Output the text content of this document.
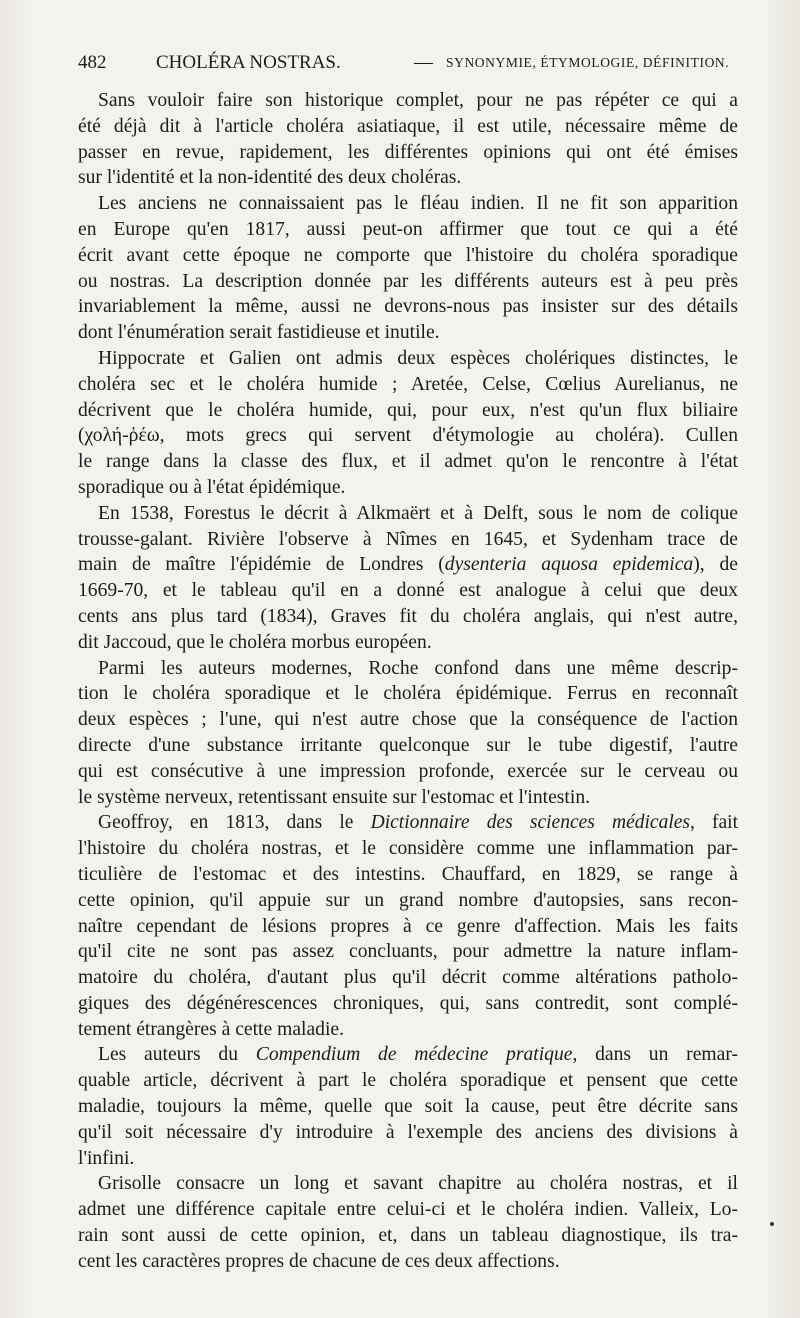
482	CHOLÉRA NOSTRAS.	— SYNONYMIE, ÉTYMOLOGIE, DÉFINITION.

Sans vouloir faire son historique complet, pour ne pas répéter ce qui a
été déjà dit à l'article choléra asiatiaque, il est utile, nécessaire même de
passer en revue, rapidement, les différentes opinions qui ont été émises
sur l'identité et la non-identité des deux choléras.

Les anciens ne connaissaient pas le fléau indien. Il ne fit son apparition
en Europe qu'en 1817, aussi peut-on affirmer que tout ce qui a été
écrit avant cette époque ne comporte que l'histoire du choléra sporadique
ou nostras. La description donnée par les différents auteurs est à peu près
invariablement la même, aussi ne devrons-nous pas insister sur des détails
dont l'énumération serait fastidieuse et inutile.

Hippocrate et Galien ont admis deux espèces cholériques distinctes, le
choléra sec et le choléra humide ; Aretée, Celse, Cœlius Aurelianus, ne
décrivent que le choléra humide, qui, pour eux, n'est qu'un flux biliaire
(χολή-ῥέω, mots grecs qui servent d'étymologie au choléra). Cullen
le range dans la classe des flux, et il admet qu'on le rencontre à l'état
sporadique ou à l'état épidémique.

En 1538, Forestus le décrit à Alkmaërt et à Delft, sous le nom de colique
trousse-galant. Rivière l'observe à Nîmes en 1645, et Sydenham trace de
main de maître l'épidémie de Londres (dysenteria aquosa epidemica), de
1669-70, et le tableau qu'il en a donné est analogue à celui que deux
cents ans plus tard (1834), Graves fit du choléra anglais, qui n'est autre,
dit Jaccoud, que le choléra morbus européen.

Parmi les auteurs modernes, Roche confond dans une même descrip-
tion le choléra sporadique et le choléra épidémique. Ferrus en reconnaît
deux espèces ; l'une, qui n'est autre chose que la conséquence de l'action
directe d'une substance irritante quelconque sur le tube digestif, l'autre
qui est consécutive à une impression profonde, exercée sur le cerveau ou
le système nerveux, retentissant ensuite sur l'estomac et l'intestin.

Geoffroy, en 1813, dans le Dictionnaire des sciences médicales, fait
l'histoire du choléra nostras, et le considère comme une inflammation par-
ticulière de l'estomac et des intestins. Chauffard, en 1829, se range à
cette opinion, qu'il appuie sur un grand nombre d'autopsies, sans recon-
naître cependant de lésions propres à ce genre d'affection. Mais les faits
qu'il cite ne sont pas assez concluants, pour admettre la nature inflam-
matoire du choléra, d'autant plus qu'il décrit comme altérations patholo-
giques des dégénérescences chroniques, qui, sans contredit, sont complé-
tement étrangères à cette maladie.

Les auteurs du Compendium de médecine pratique, dans un remar-
quable article, décrivent à part le choléra sporadique et pensent que cette
maladie, toujours la même, quelle que soit la cause, peut être décrite sans
qu'il soit nécessaire d'y introduire à l'exemple des anciens des divisions à
l'infini.

Grisolle consacre un long et savant chapitre au choléra nostras, et il
admet une différence capitale entre celui-ci et le choléra indien. Valleix, Lo-
rain sont aussi de cette opinion, et, dans un tableau diagnostique, ils tra-
cent les caractères propres de chacune de ces deux affections.
